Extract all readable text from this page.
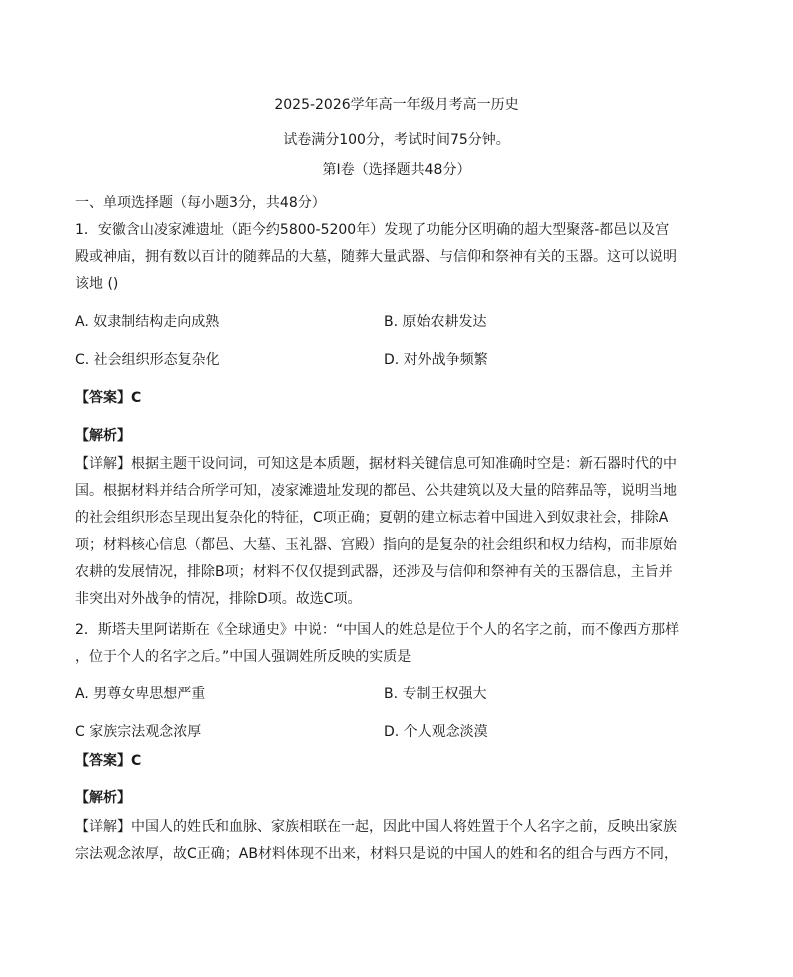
2025-2026学年高一年级月考高一历史
试卷满分100分，考试时间75分钟。
第Ⅰ卷（选择题共48分）
一、单项选择题（每小题3分，共48分）
1．安徽含山凌家滩遗址（距今约5800-5200年）发现了功能分区明确的超大型聚落-都邑以及宫
殿或神庙，拥有数以百计的随葬品的大墓，随葬大量武器、与信仰和祭神有关的玉器。这可以说明
该地 ()
A. 奴隶制结构走向成熟	B. 原始农耕发达
C. 社会组织形态复杂化	D. 对外战争频繁
【答案】C
【解析】
【详解】根据主题干设问词，可知这是本质题，据材料关键信息可知准确时空是：新石器时代的中
国。根据材料并结合所学可知，凌家滩遗址发现的都邑、公共建筑以及大量的陪葬品等，说明当地
的社会组织形态呈现出复杂化的特征，C项正确；夏朝的建立标志着中国进入到奴隶社会，排除A
项；材料核心信息（都邑、大墓、玉礼器、宫殿）指向的是复杂的社会组织和权力结构，而非原始
农耕的发展情况，排除B项；材料不仅仅提到武器，还涉及与信仰和祭神有关的玉器信息，主旨并
非突出对外战争的情况，排除D项。故选C项。
2．斯塔夫里阿诺斯在《全球通史》中说：“中国人的姓总是位于个人的名字之前，而不像西方那样
，位于个人的名字之后。”中国人强调姓所反映的实质是
A. 男尊女卑思想严重	B. 专制王权强大
C 家族宗法观念浓厚	D. 个人观念淡漠
【答案】C
【解析】
【详解】中国人的姓氏和血脉、家族相联在一起，因此中国人将姓置于个人名字之前，反映出家族
宗法观念浓厚，故C正确；AB材料体现不出来，材料只是说的中国人的姓和名的组合与西方不同，
